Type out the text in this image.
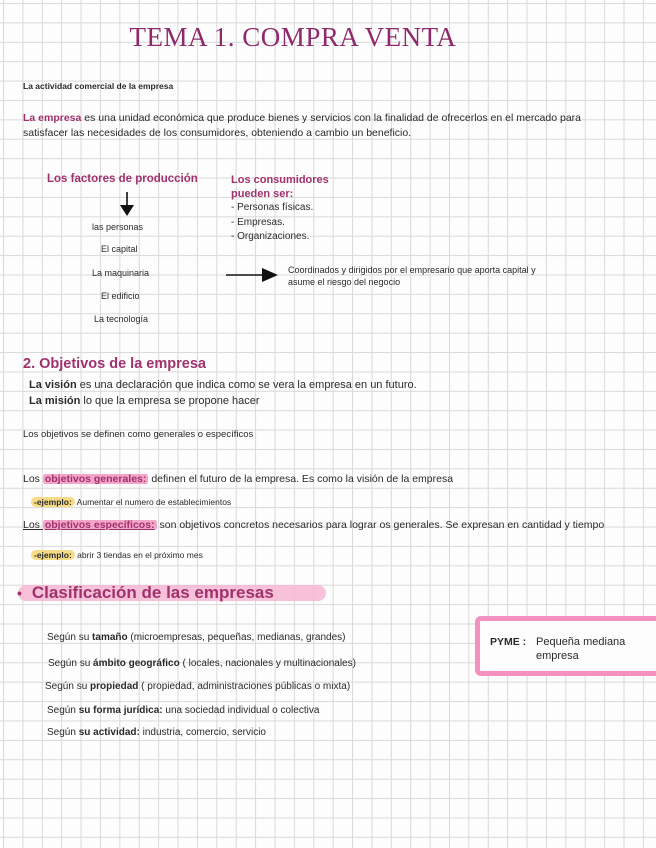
TEMA 1. COMPRA VENTA
La actividad comercial de la empresa
La empresa es una unidad económica que produce bienes y servicios con la finalidad de ofrecerlos en el mercado para satisfacer las necesidades de los consumidores, obteniendo a cambio un beneficio.
Los factores de producción
las personas
El capital
La maquinaria
El edificio
La tecnología
Coordinados y dirigidos por el empresario que aporta capital y asume el riesgo del negocio
Los consumidores
pueden ser:
- Personas físicas.
- Empresas.
- Organizaciones.
2. Objetivos de la empresa
La visión es una declaración que indica como se vera la empresa en un futuro.
La misión lo que la empresa se propone hacer
Los objetivos se definen como generales o específicos
Los objetivos generales: definen el futuro de la empresa. Es como la visión de la empresa
-ejemplo: Aumentar el numero de establecimientos
Los objetivos específicos: son objetivos concretos necesarios para lograr os generales. Se expresan en cantidad y tiempo
-ejemplo: abrir 3 tiendas en el próximo mes
• Clasificación de las empresas
Según su tamaño (microempresas, pequeñas, medianas, grandes)
Según su ámbito geográfico ( locales, nacionales y multinacionales)
Según su propiedad ( propiedad, administraciones públicas o mixta)
Según su forma jurídica: una sociedad individual o colectiva
Según su actividad: industria, comercio, servicio
PYME : Pequeña mediana
empresa
